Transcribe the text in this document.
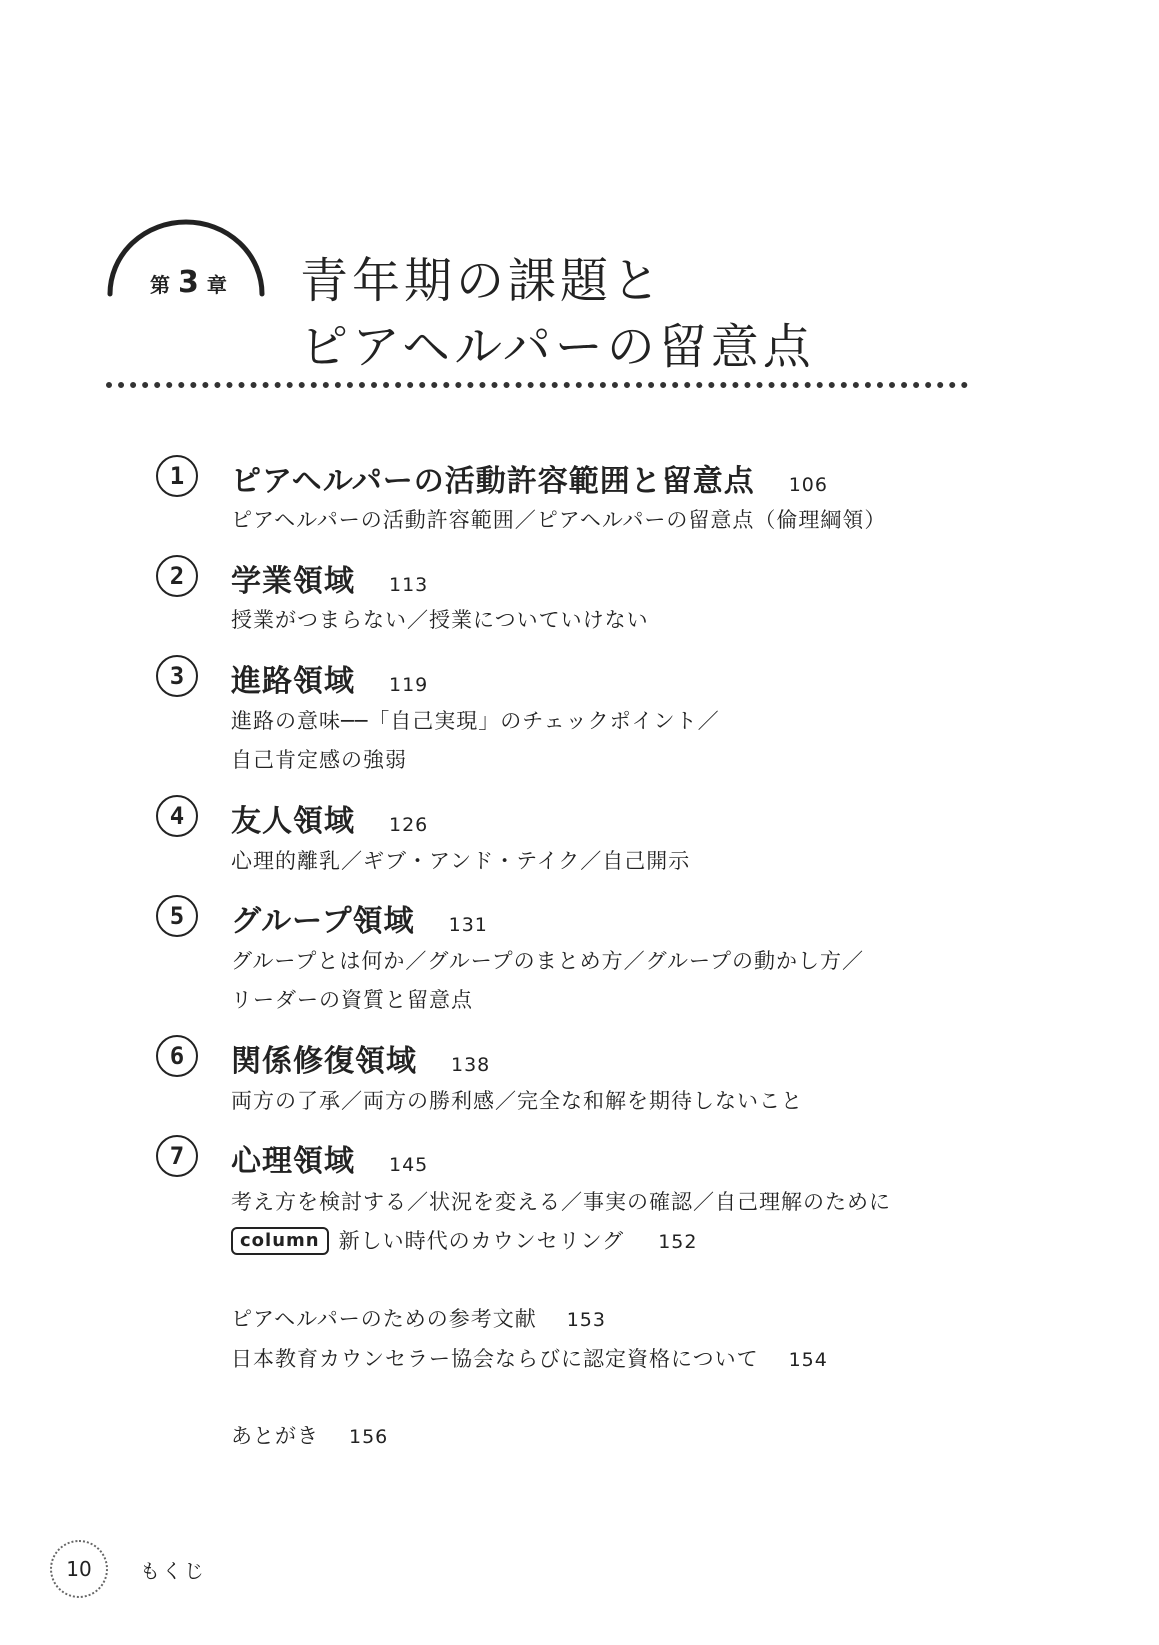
第 3 章 青年期の課題と
ピアヘルパーの留意点
1	ピアヘルパーの活動許容範囲と留意点 106
ピアヘルパーの活動許容範囲／ピアヘルパーの留意点（倫理綱領）
2	学業領域 113
授業がつまらない／授業についていけない
3	進路領域 119
進路の意味──「自己実現」のチェックポイント／
自己肯定感の強弱
4	友人領域 126
心理的離乳／ギブ・アンド・テイク／自己開示
5	グループ領域 131
グループとは何か／グループのまとめ方／グループの動かし方／
リーダーの資質と留意点
6	関係修復領域 138
両方の了承／両方の勝利感／完全な和解を期待しないこと
7	心理領域 145
考え方を検討する／状況を変える／事実の確認／自己理解のために
column 新しい時代のカウンセリング 152
ピアヘルパーのための参考文献 153
日本教育カウンセラー協会ならびに認定資格について 154
あとがき 156
10	もくじ
